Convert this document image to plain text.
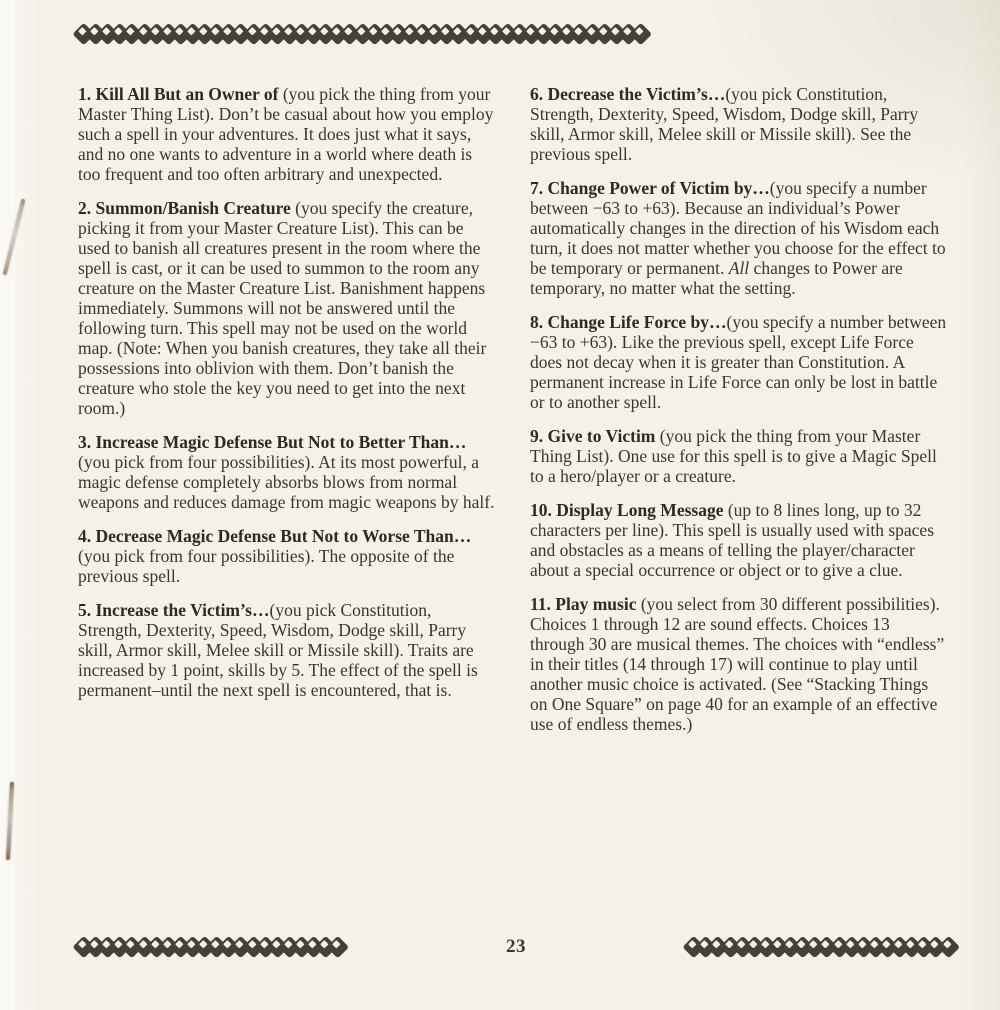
1. Kill All But an Owner of (you pick the thing from your Master Thing List). Don’t be casual about how you employ such a spell in your adventures. It does just what it says, and no one wants to adventure in a world where death is too frequent and too often arbitrary and unexpected.

2. Summon/Banish Creature (you specify the creature, picking it from your Master Creature List). This can be used to banish all creatures present in the room where the spell is cast, or it can be used to summon to the room any creature on the Master Creature List. Banishment happens immediately. Summons will not be answered until the following turn. This spell may not be used on the world map. (Note: When you banish creatures, they take all their possessions into oblivion with them. Don’t banish the creature who stole the key you need to get into the next room.)

3. Increase Magic Defense But Not to Better Than…(you pick from four possibilities). At its most powerful, a magic defense completely absorbs blows from normal weapons and reduces damage from magic weapons by half.

4. Decrease Magic Defense But Not to Worse Than…(you pick from four possibilities). The opposite of the previous spell.

5. Increase the Victim’s…(you pick Constitution, Strength, Dexterity, Speed, Wisdom, Dodge skill, Parry skill, Armor skill, Melee skill or Missile skill). Traits are increased by 1 point, skills by 5. The effect of the spell is permanent–until the next spell is encountered, that is.

6. Decrease the Victim’s…(you pick Constitution, Strength, Dexterity, Speed, Wisdom, Dodge skill, Parry skill, Armor skill, Melee skill or Missile skill). See the previous spell.

7. Change Power of Victim by…(you specify a number between −63 to +63). Because an individual’s Power automatically changes in the direction of his Wisdom each turn, it does not matter whether you choose for the effect to be temporary or permanent. All changes to Power are temporary, no matter what the setting.

8. Change Life Force by…(you specify a number between −63 to +63). Like the previous spell, except Life Force does not decay when it is greater than Constitution. A permanent increase in Life Force can only be lost in battle or to another spell.

9. Give to Victim (you pick the thing from your Master Thing List). One use for this spell is to give a Magic Spell to a hero/player or a creature.

10. Display Long Message (up to 8 lines long, up to 32 characters per line). This spell is usually used with spaces and obstacles as a means of telling the player/character about a special occurrence or object or to give a clue.

11. Play music (you select from 30 different possibilities). Choices 1 through 12 are sound effects. Choices 13 through 30 are musical themes. The choices with “endless” in their titles (14 through 17) will continue to play until another music choice is activated. (See “Stacking Things on One Square” on page 40 for an example of an effective use of endless themes.)

23
